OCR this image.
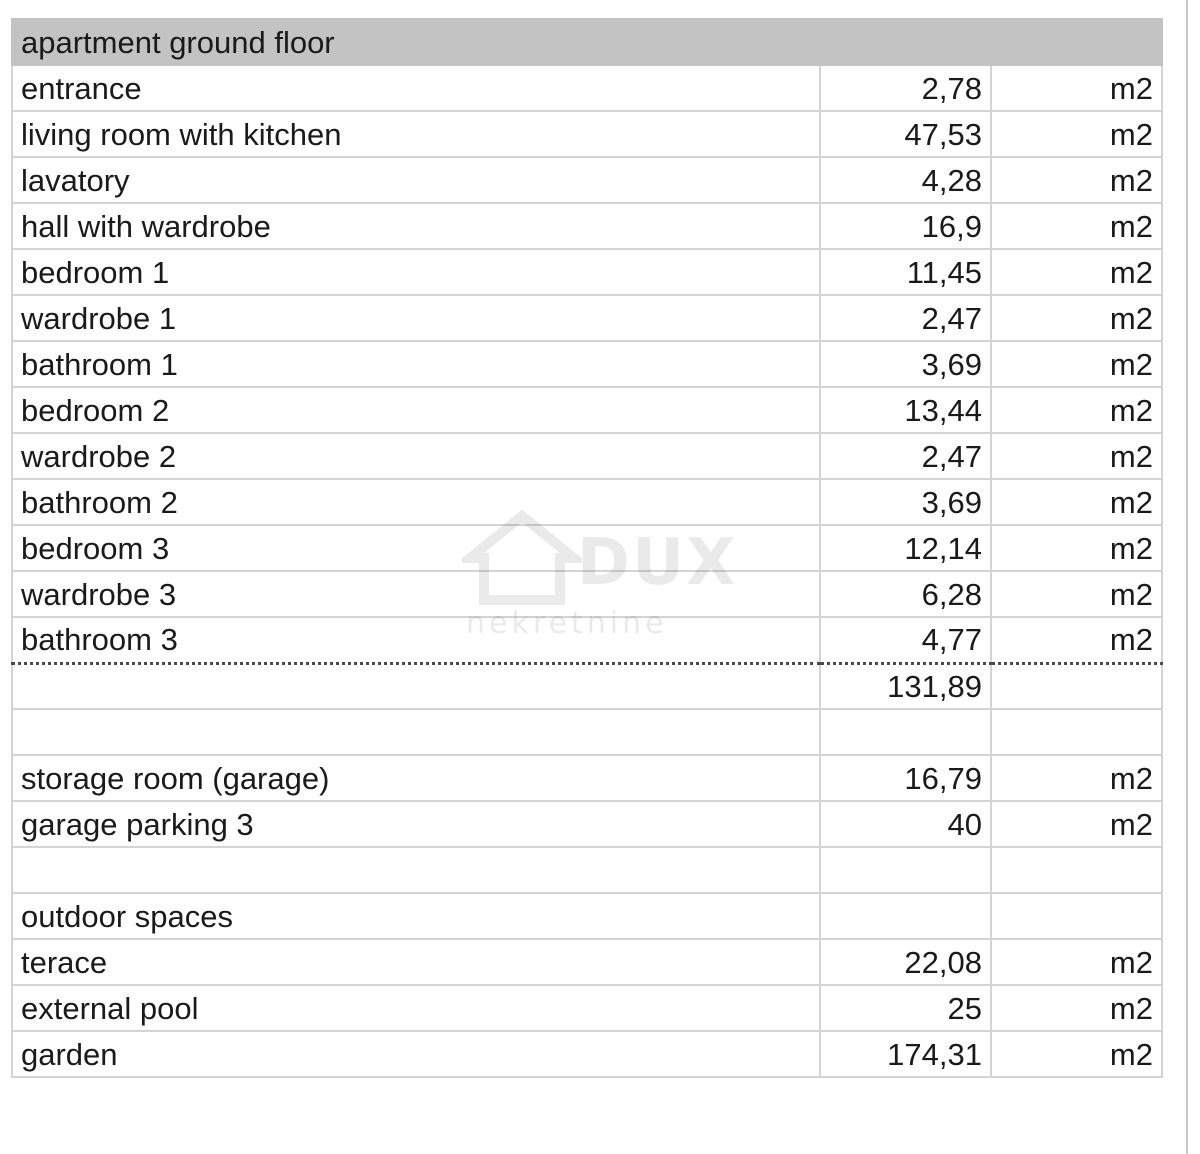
apartment ground floor		
entrance	2,78	m2
living room with kitchen	47,53	m2
lavatory	4,28	m2
hall with wardrobe	16,9	m2
bedroom 1	11,45	m2
wardrobe 1	2,47	m2
bathroom 1	3,69	m2
bedroom 2	13,44	m2
wardrobe 2	2,47	m2
bathroom 2	3,69	m2
bedroom 3	12,14	m2
wardrobe 3	6,28	m2
bathroom 3	4,77	m2
	131,89	

storage room (garage)	16,79	m2
garage parking 3	40	m2

outdoor spaces		
terace	22,08	m2
external pool	25	m2
garden	174,31	m2
DUX
nekretnine
